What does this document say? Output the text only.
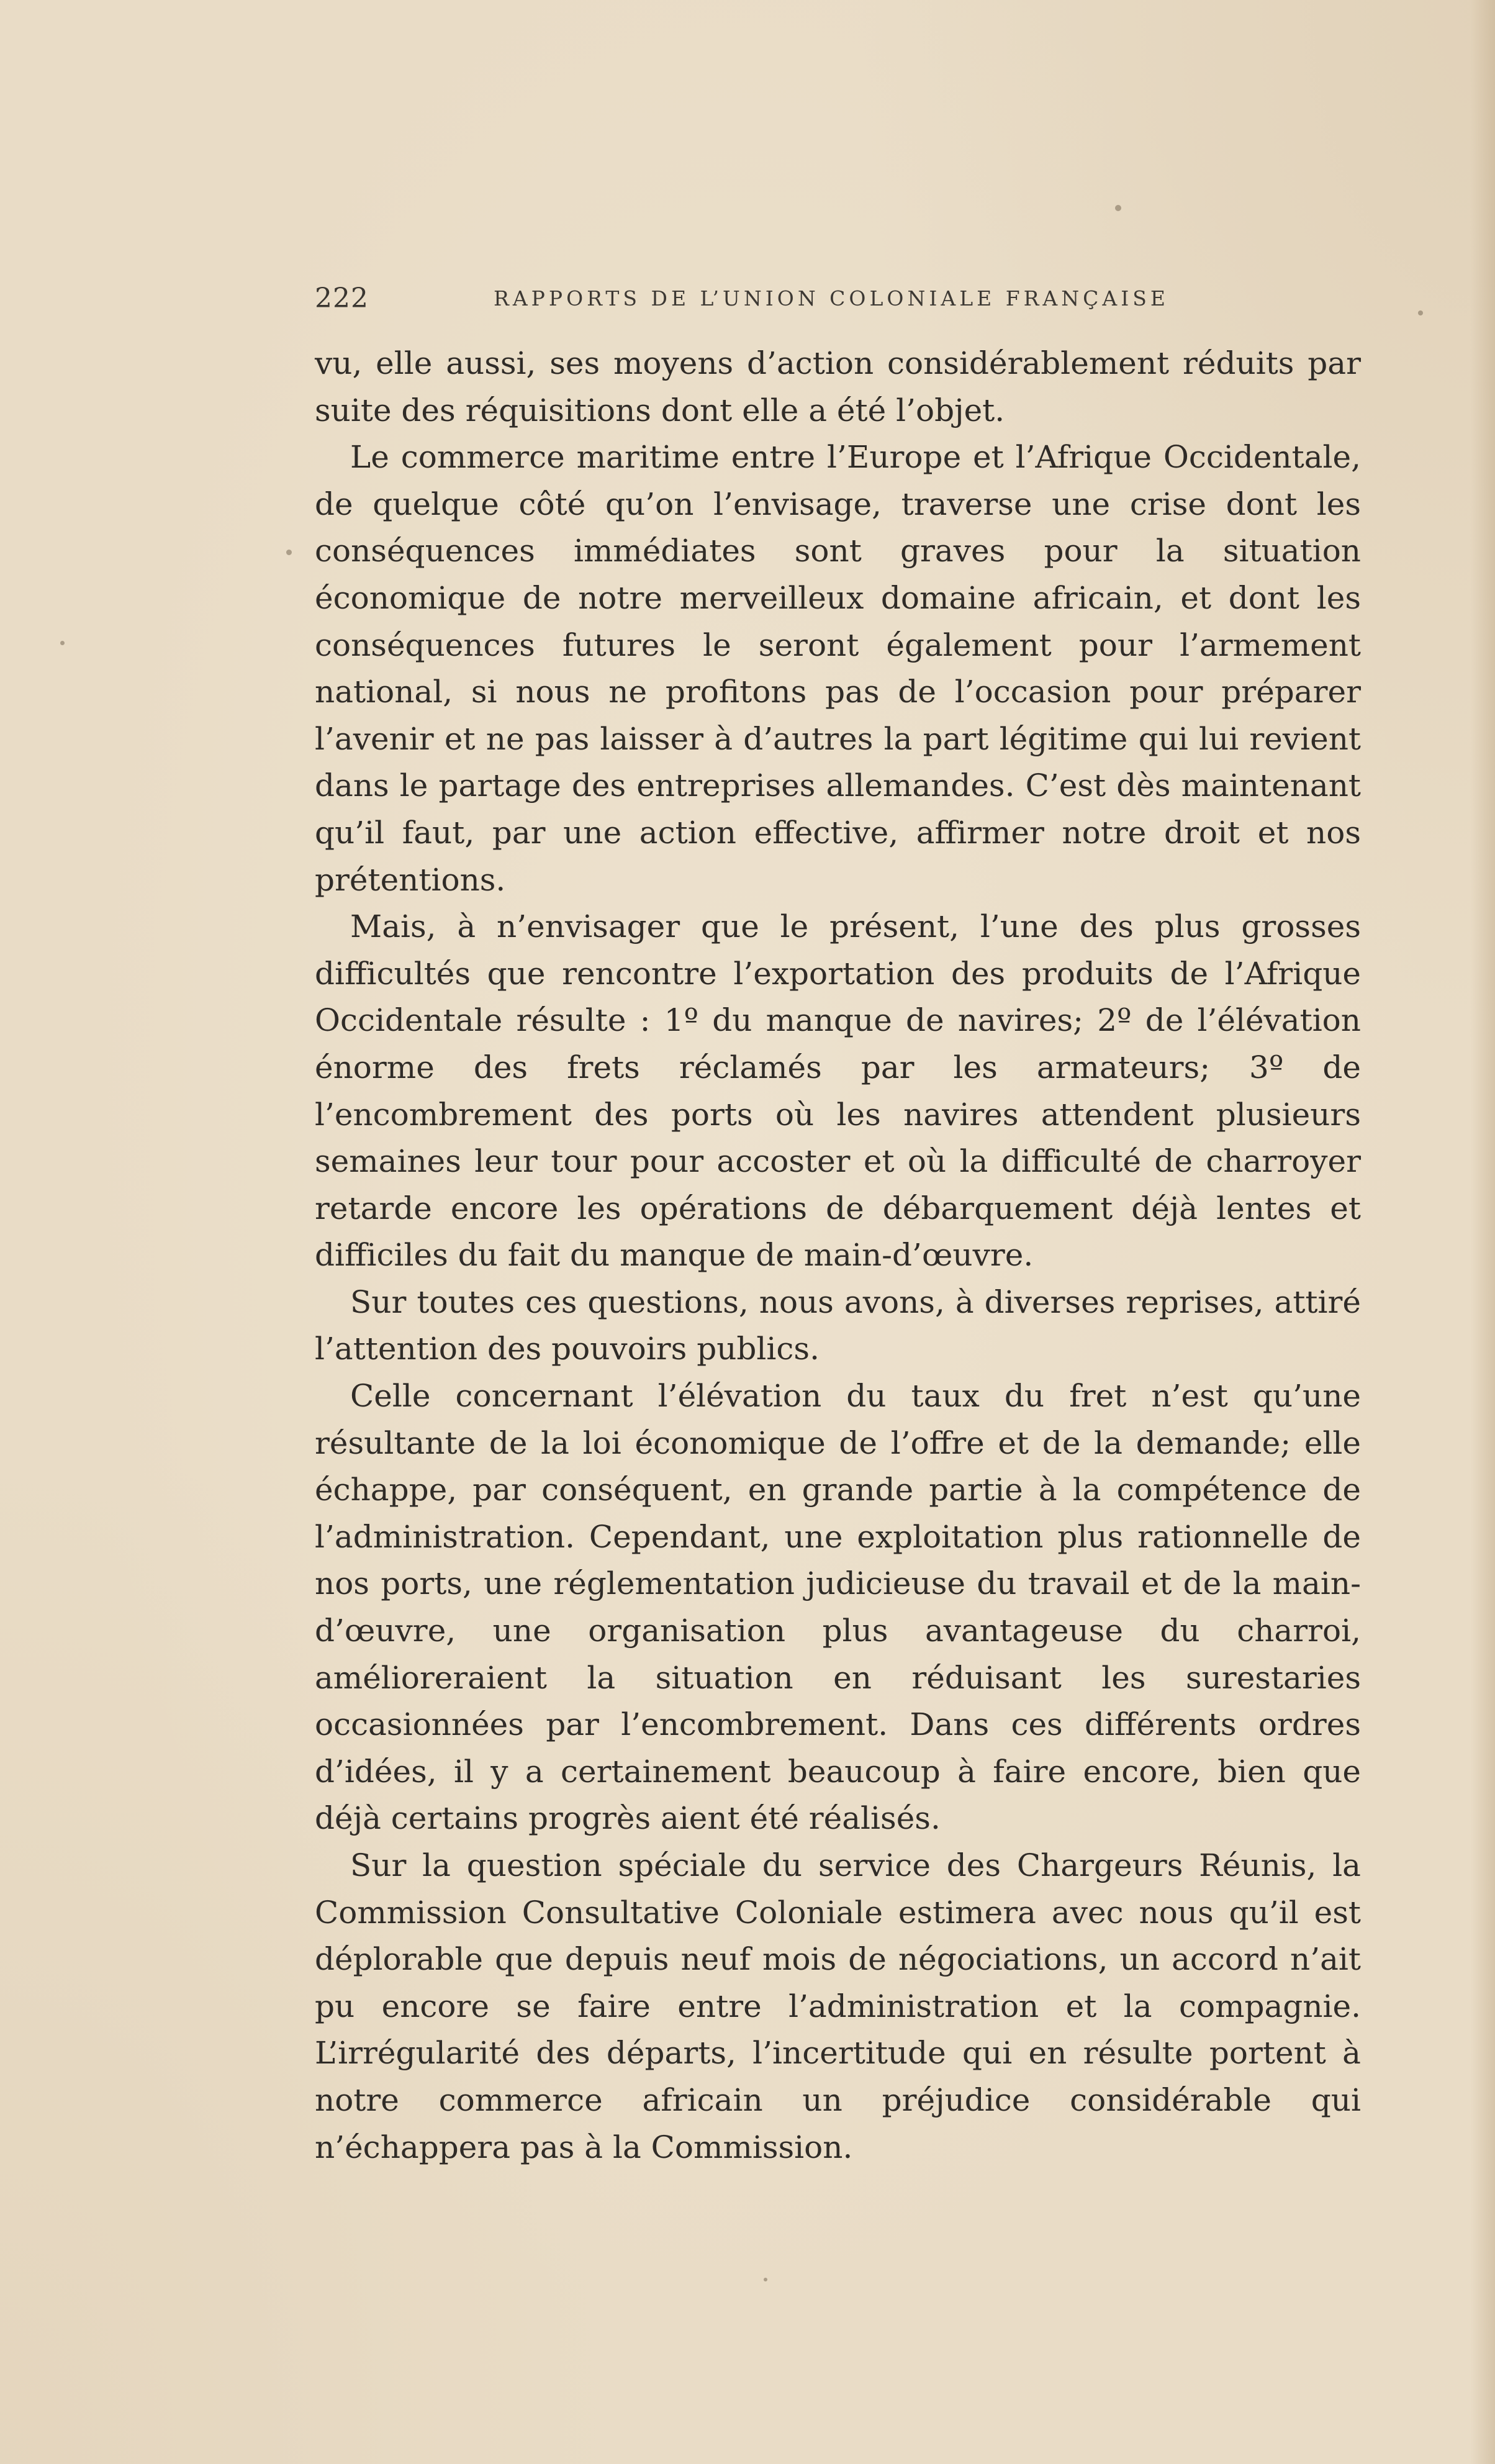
222	RAPPORTS DE L’UNION COLONIALE FRANÇAISE

vu, elle aussi, ses moyens d’action considérablement réduits par suite des réquisitions dont elle a été l’objet.

Le commerce maritime entre l’Europe et l’Afrique Occidentale, de quelque côté qu’on l’envisage, traverse une crise dont les conséquences immédiates sont graves pour la situation économique de notre merveilleux domaine africain, et dont les conséquences futures le seront également pour l’armement national, si nous ne profitons pas de l’occasion pour préparer l’avenir et ne pas laisser à d’autres la part légitime qui lui revient dans le partage des entreprises allemandes. C’est dès maintenant qu’il faut, par une action effective, affirmer notre droit et nos prétentions.

Mais, à n’envisager que le présent, l’une des plus grosses difficultés que rencontre l’exportation des produits de l’Afrique Occidentale résulte : 1º du manque de navires; 2º de l’élévation énorme des frets réclamés par les armateurs; 3º de l’encombrement des ports où les navires attendent plusieurs semaines leur tour pour accoster et où la difficulté de charroyer retarde encore les opérations de débarquement déjà lentes et difficiles du fait du manque de main-d’œuvre.

Sur toutes ces questions, nous avons, à diverses reprises, attiré l’attention des pouvoirs publics.

Celle concernant l’élévation du taux du fret n’est qu’une résultante de la loi économique de l’offre et de la demande; elle échappe, par conséquent, en grande partie à la compétence de l’administration. Cependant, une exploitation plus rationnelle de nos ports, une réglementation judicieuse du travail et de la main-d’œuvre, une organisation plus avantageuse du charroi, amélioreraient la situation en réduisant les surestaries occasionnées par l’encombrement. Dans ces différents ordres d’idées, il y a certainement beaucoup à faire encore, bien que déjà certains progrès aient été réalisés.

Sur la question spéciale du service des Chargeurs Réunis, la Commission Consultative Coloniale estimera avec nous qu’il est déplorable que depuis neuf mois de négociations, un accord n’ait pu encore se faire entre l’administration et la compagnie. L’irrégularité des départs, l’incertitude qui en résulte portent à notre commerce africain un préjudice considérable qui n’échappera pas à la Commission.
